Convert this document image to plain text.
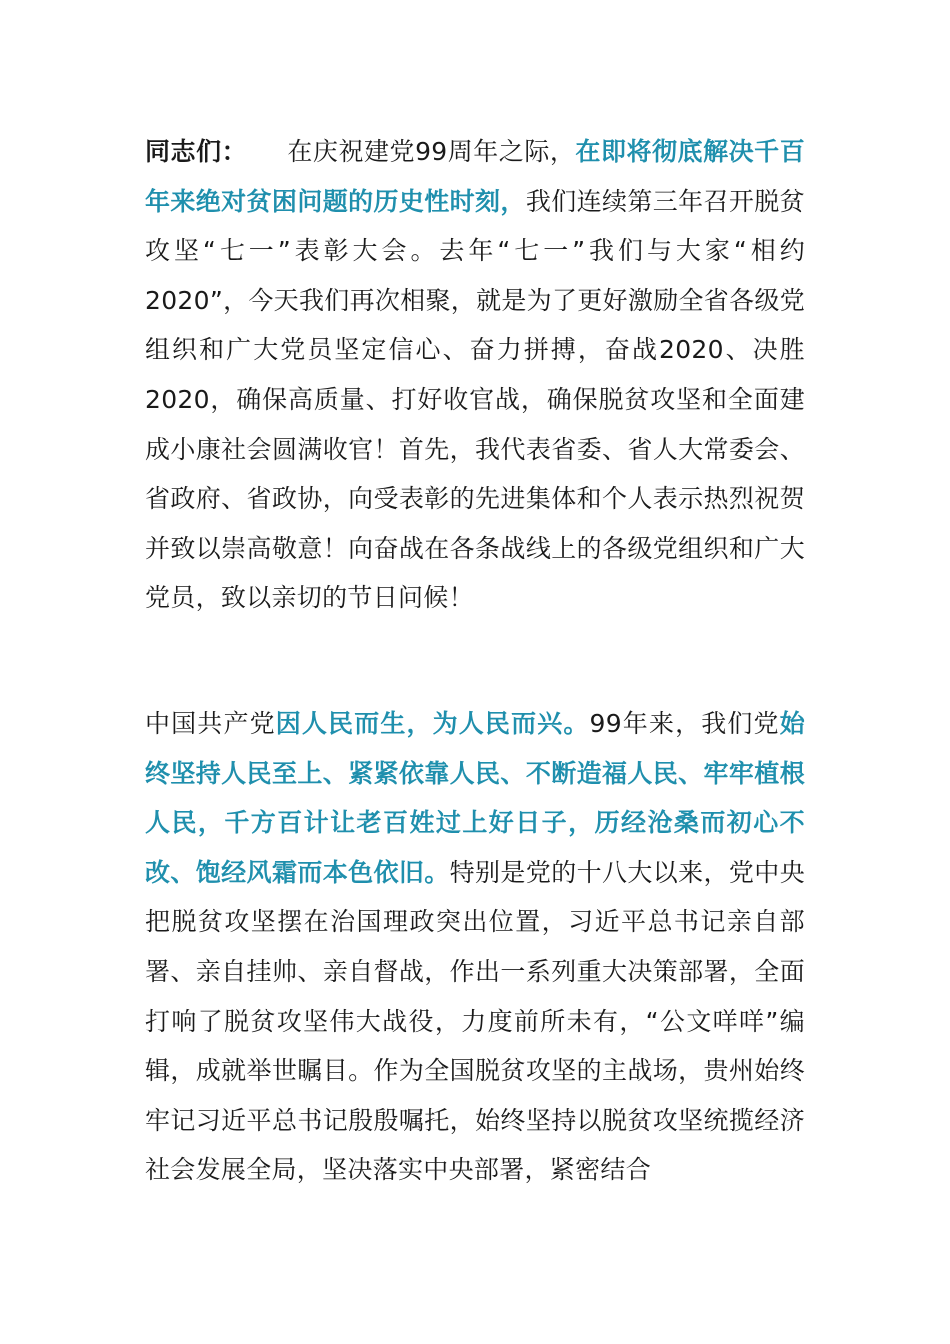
同志们： 在庆祝建党99周年之际，在即将彻底解决千百年来绝对贫困问题的历史性时刻，我们连续第三年召开脱贫攻坚“七一”表彰大会。去年“七一”我们与大家“相约2020”，今天我们再次相聚，就是为了更好激励全省各级党组织和广大党员坚定信心、奋力拼搏，奋战2020、决胜2020，确保高质量、打好收官战，确保脱贫攻坚和全面建成小康社会圆满收官！首先，我代表省委、省人大常委会、省政府、省政协，向受表彰的先进集体和个人表示热烈祝贺并致以崇高敬意！向奋战在各条战线上的各级党组织和广大党员，致以亲切的节日问候！

中国共产党因人民而生，为人民而兴。99年来，我们党始终坚持人民至上、紧紧依靠人民、不断造福人民、牢牢植根人民，千方百计让老百姓过上好日子，历经沧桑而初心不改、饱经风霜而本色依旧。特别是党的十八大以来，党中央把脱贫攻坚摆在治国理政突出位置，习近平总书记亲自部署、亲自挂帅、亲自督战，作出一系列重大决策部署，全面打响了脱贫攻坚伟大战役，力度前所未有，“公文咩咩”编辑，成就举世瞩目。作为全国脱贫攻坚的主战场，贵州始终牢记习近平总书记殷殷嘱托，始终坚持以脱贫攻坚统揽经济社会发展全局，坚决落实中央部署，紧密结合
